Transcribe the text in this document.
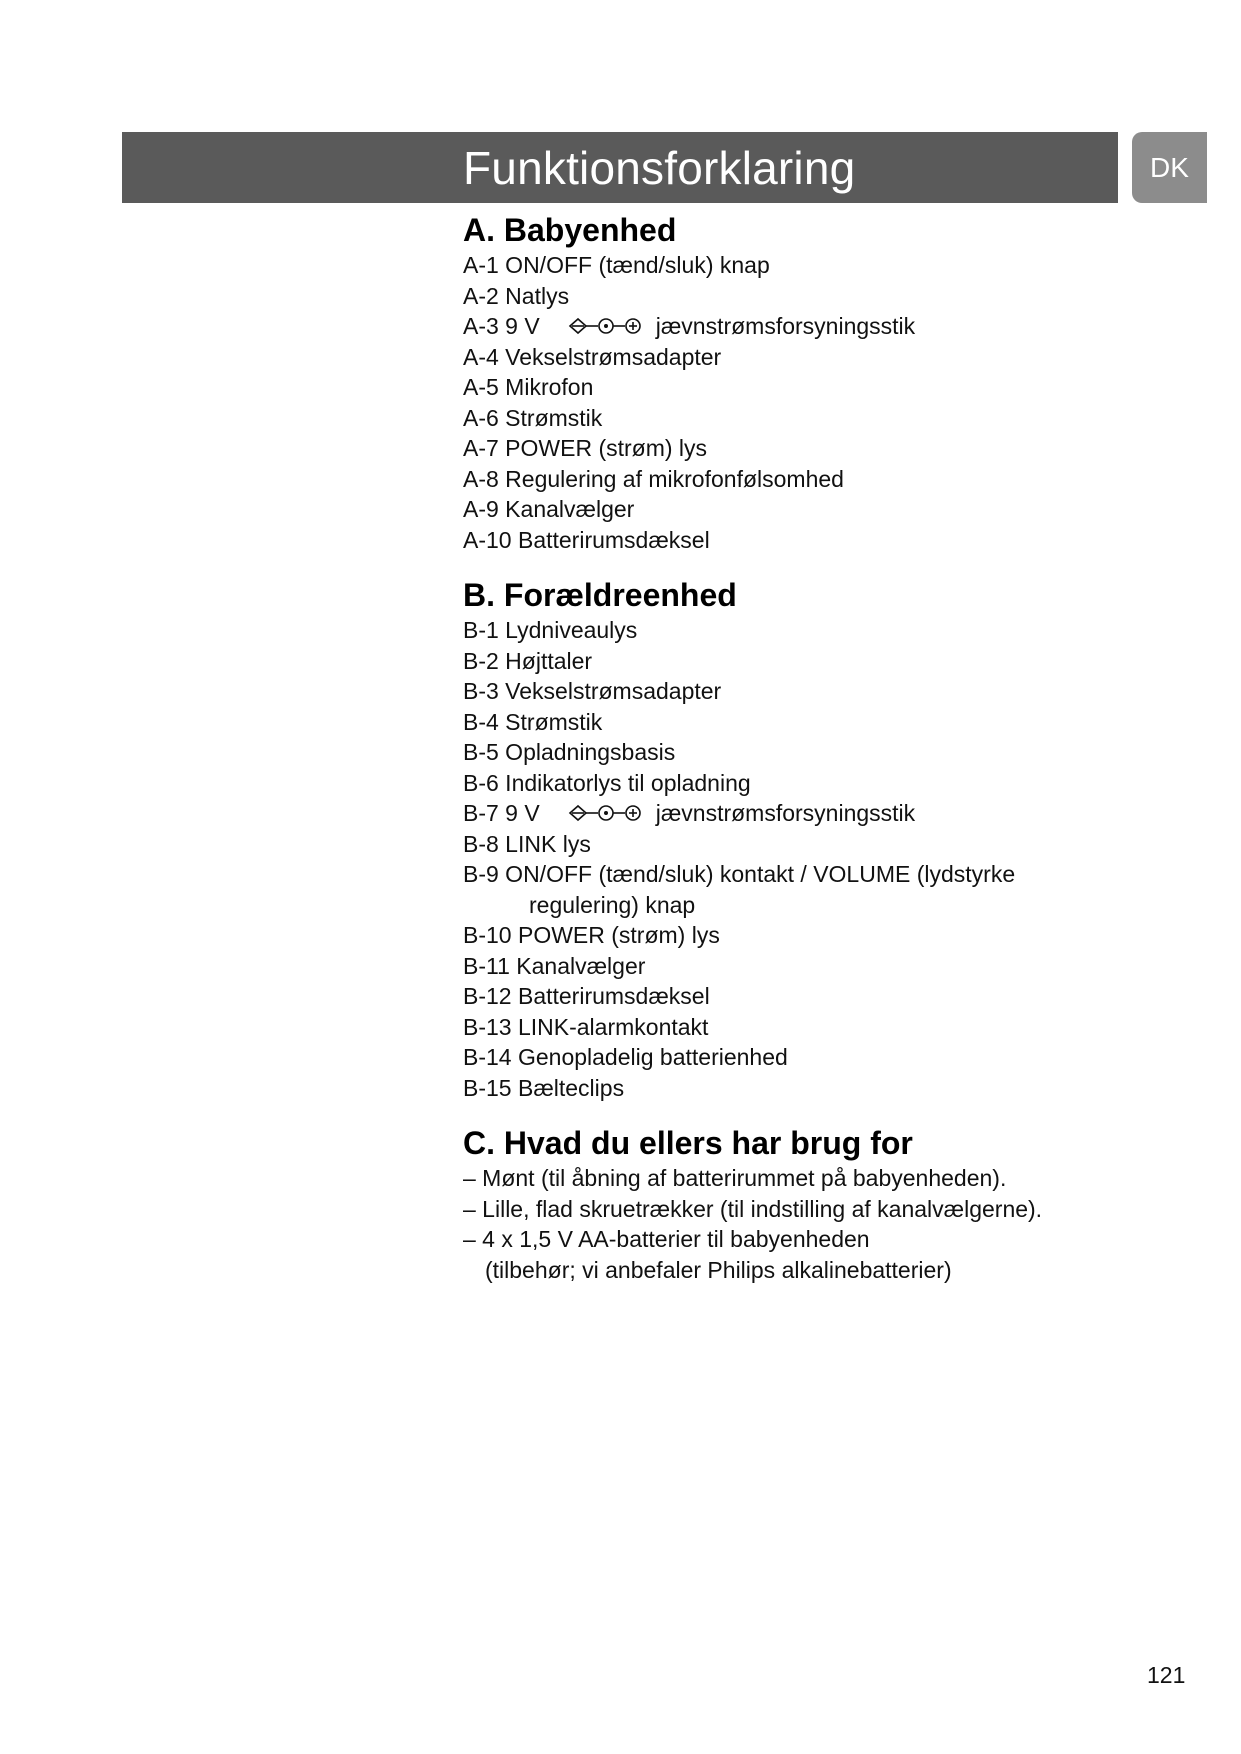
Funktionsforklaring	DK
A. Babyenhed
A-1 ON/OFF (tænd/sluk) knap
A-2 Natlys
A-3 9 V	jævnstrømsforsyningsstik
A-4 Vekselstrømsadapter
A-5 Mikrofon
A-6 Strømstik
A-7 POWER (strøm) lys
A-8 Regulering af mikrofonfølsomhed
A-9 Kanalvælger
A-10 Batterirumsdæksel
B. Forældreenhed
B-1 Lydniveaulys
B-2 Højttaler
B-3 Vekselstrømsadapter
B-4 Strømstik
B-5 Opladningsbasis
B-6 Indikatorlys til opladning
B-7 9 V	jævnstrømsforsyningsstik
B-8 LINK lys
B-9 ON/OFF (tænd/sluk) kontakt / VOLUME (lydstyrke
regulering) knap
B-10 POWER (strøm) lys
B-11 Kanalvælger
B-12 Batterirumsdæksel
B-13 LINK-alarmkontakt
B-14 Genopladelig batterienhed
B-15 Bælteclips
C. Hvad du ellers har brug for
– Mønt (til åbning af batterirummet på babyenheden).
– Lille, flad skruetrækker (til indstilling af kanalvælgerne).
– 4 x 1,5 V AA-batterier til babyenheden
(tilbehør; vi anbefaler Philips alkalinebatterier)
121
